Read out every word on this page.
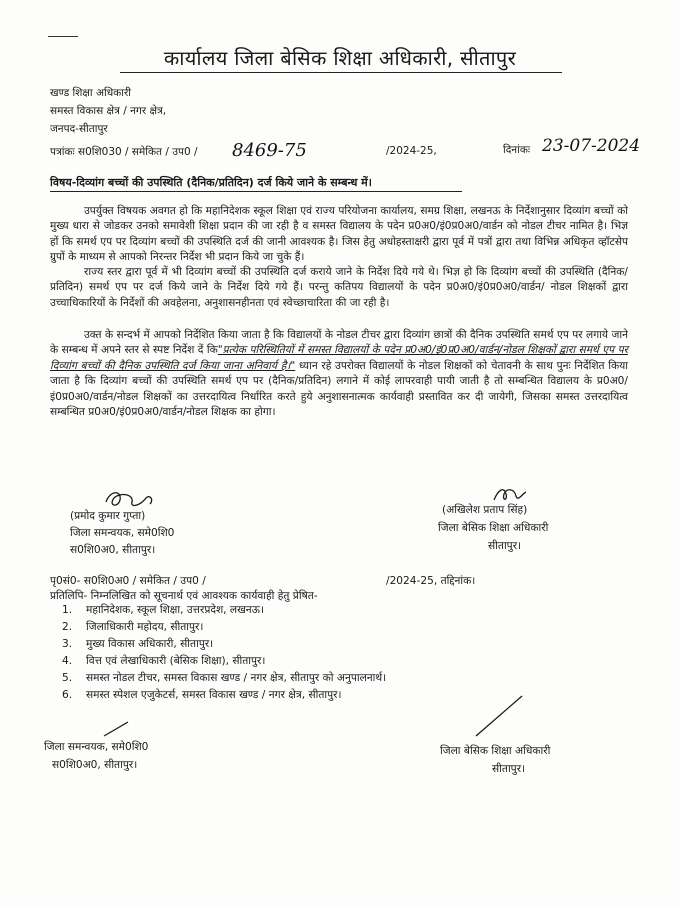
कार्यालय जिला बेसिक शिक्षा अधिकारी, सीतापुर
खण्ड शिक्षा अधिकारी
समस्त विकास क्षेत्र / नगर क्षेत्र,
जनपद-सीतापुर
पत्रांकः स0शि030 / समेकित / उप0 / 8469-75	/2024-25,	दिनांकः 23-07-2024
विषय-दिव्यांग बच्चों की उपस्थिति (दैनिक/प्रतिदिन) दर्ज किये जाने के सम्बन्ध में।

उपर्युक्त विषयक अवगत हो कि महानिदेशक स्कूल शिक्षा एवं राज्य परियोजना कार्यालय, समग्र शिक्षा, लखनऊ के निर्देशानुसार दिव्यांग बच्चों को मुख्य धारा से जोडकर उनको समावेशी शिक्षा प्रदान की जा रही है व समस्त विद्यालय के पदेन प्र0अ0/इं0प्र0अ0/वार्डन को नोडल टीचर नामित है। भिज्ञ हों कि समर्थ एप पर दिव्यांग बच्चों की उपस्थिति दर्ज की जानी आवश्यक है। जिस हेतु अधोहस्ताक्षरी द्वारा पूर्व में पत्रों द्वारा तथा विभिन्न अधिकृत व्हॉटसेप ग्रुपों के माध्यम से आपको निरन्तर निर्देश भी प्रदान किये जा चुके हैं।

राज्य स्तर द्वारा पूर्व में भी दिव्यांग बच्चों की उपस्थिति दर्ज कराये जाने के निर्देश दिये गये थे। भिज्ञ हो कि दिव्यांग बच्चों की उपस्थिति (दैनिक/प्रतिदिन) समर्थ एप पर दर्ज किये जाने के निर्देश दिये गये हैं। परन्तु कतिपय विद्यालयों के पदेन प्र0अ0/इं0प्र0अ0/वार्डन/ नोडल शिक्षकों द्वारा उच्चाधिकारियों के निर्देशों की अवहेलना, अनुशासनहीनता एवं स्वेच्छाचारिता की जा रही है।

उक्त के सन्दर्भ में आपको निर्देशित किया जाता है कि विद्यालयों के नोडल टीचर द्वारा दिव्यांग छात्रों की दैनिक उपस्थिति समर्थ एप पर लगाये जाने के सम्बन्ध में अपने स्तर से स्पष्ट निर्देश दें कि"प्रत्येक परिस्थितियों में समस्त विद्यालयों के पदेन प्र0अ0/इं0प्र0अ0/वार्डन/नोडल शिक्षकों द्वारा समर्थ एप पर दिव्यांग बच्चों की दैनिक उपस्थिति दर्ज किया जाना अनिवार्य है।" ध्यान रहे उपरोक्त विद्यालयों के नोडल शिक्षकों को चेतावनी के साथ पुनः निर्देशित किया जाता है कि दिव्यांग बच्चों की उपस्थिति समर्थ एप पर (दैनिक/प्रतिदिन) लगाने में कोई लापरवाही पायी जाती है तो सम्बन्धित विद्यालय के प्र0अ0/इं0प्र0अ0/वार्डन/नोडल शिक्षकों का उत्तरदायित्व निर्धारित करते हुये अनुशासनात्मक कार्यवाही प्रस्तावित कर दी जायेगी, जिसका समस्त उत्तरदायित्व सम्बन्धित प्र0अ0/इं0प्र0अ0/वार्डन/नोडल शिक्षक का होगा।

(प्रमोद कुमार गुप्ता)
जिला समन्वयक, समे0शि0
स0शि0अ0, सीतापुर।
(अखिलेश प्रताप सिंह)
जिला बेसिक शिक्षा अधिकारी
सीतापुर।
पृ0सं0- स0शि0अ0 / समेकित / उप0 /	/2024-25, तद्दिनांक।
प्रतिलिपि- निम्नलिखित को सूचनार्थ एवं आवश्यक कार्यवाही हेतु प्रेषित-
1.	महानिदेशक, स्कूल शिक्षा, उत्तरप्रदेश, लखनऊ।
2.	जिलाधिकारी महोदय, सीतापुर।
3.	मुख्य विकास अधिकारी, सीतापुर।
4.	वित्त एवं लेखाधिकारी (बेसिक शिक्षा), सीतापुर।
5.	समस्त नोडल टीचर, समस्त विकास खण्ड / नगर क्षेत्र, सीतापुर को अनुपालनार्थ।
6.	समस्त स्पेशल एजुकेटर्स, समस्त विकास खण्ड / नगर क्षेत्र, सीतापुर।
जिला समन्वयक, समे0शि0
स0शि0अ0, सीतापुर।
जिला बेसिक शिक्षा अधिकारी
सीतापुर।
